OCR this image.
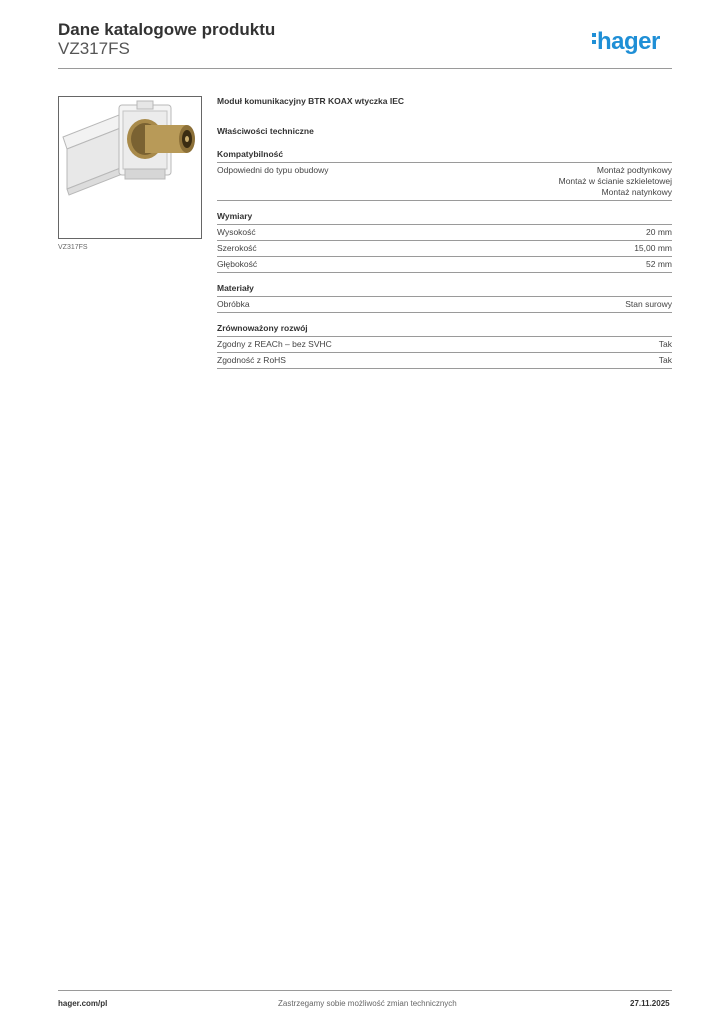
Dane katalogowe produktu
VZ317FS	hager
VZ317FS
Moduł komunikacyjny BTR KOAX wtyczka IEC
Właściwości techniczne
Kompatybilność
Odpowiedni do typu obudowy	Montaż podtynkowy
Montaż w ścianie szkieletowej
Montaż natynkowy
Wymiary
Wysokość	20 mm
Szerokość	15,00 mm
Głębokość	52 mm
Materiały
Obróbka	Stan surowy
Zrównoważony rozwój
Zgodny z REACh – bez SVHC	Tak
Zgodność z RoHS	Tak
hager.com/pl	Zastrzegamy sobie możliwość zmian technicznych	27.11.2025
